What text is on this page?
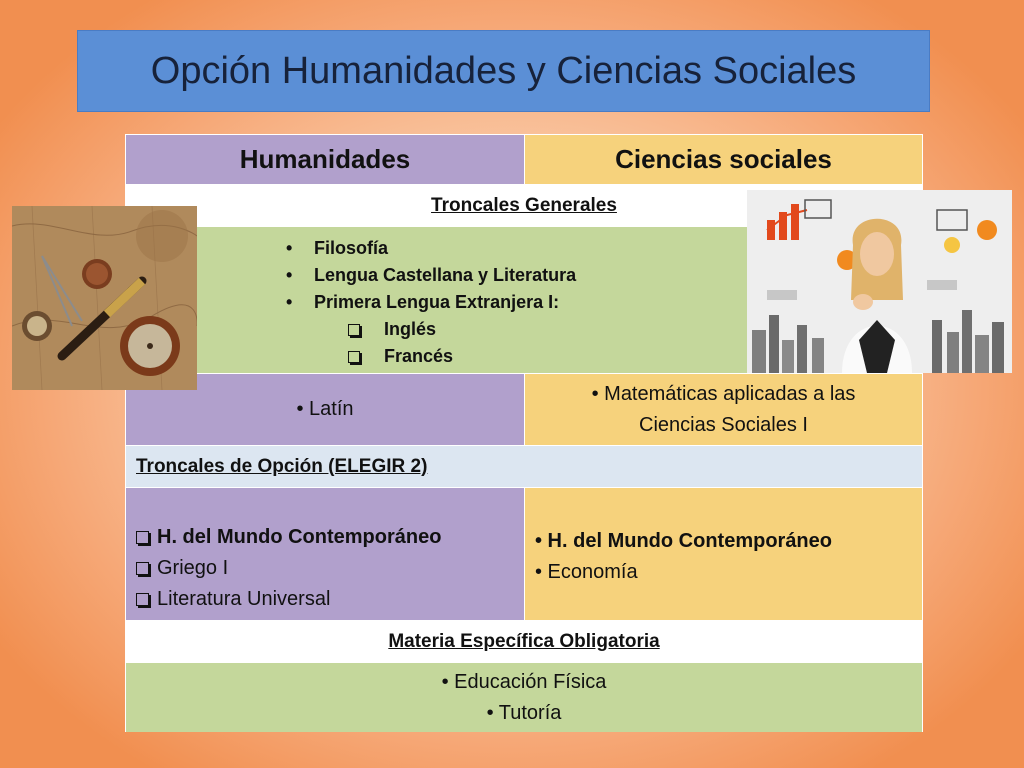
Opción Humanidades y Ciencias Sociales
Humanidades	Ciencias sociales
Troncales Generales
• Filosofía
• Lengua Castellana y Literatura
• Primera Lengua Extranjera I:
Inglés
Francés
• Latín
• Matemáticas aplicadas a las
Ciencias Sociales I
Troncales de Opción (ELEGIR 2)
H. del Mundo Contemporáneo
Griego I
Literatura Universal
• H. del Mundo Contemporáneo
• Economía
Materia Específica Obligatoria
• Educación Física
• Tutoría
